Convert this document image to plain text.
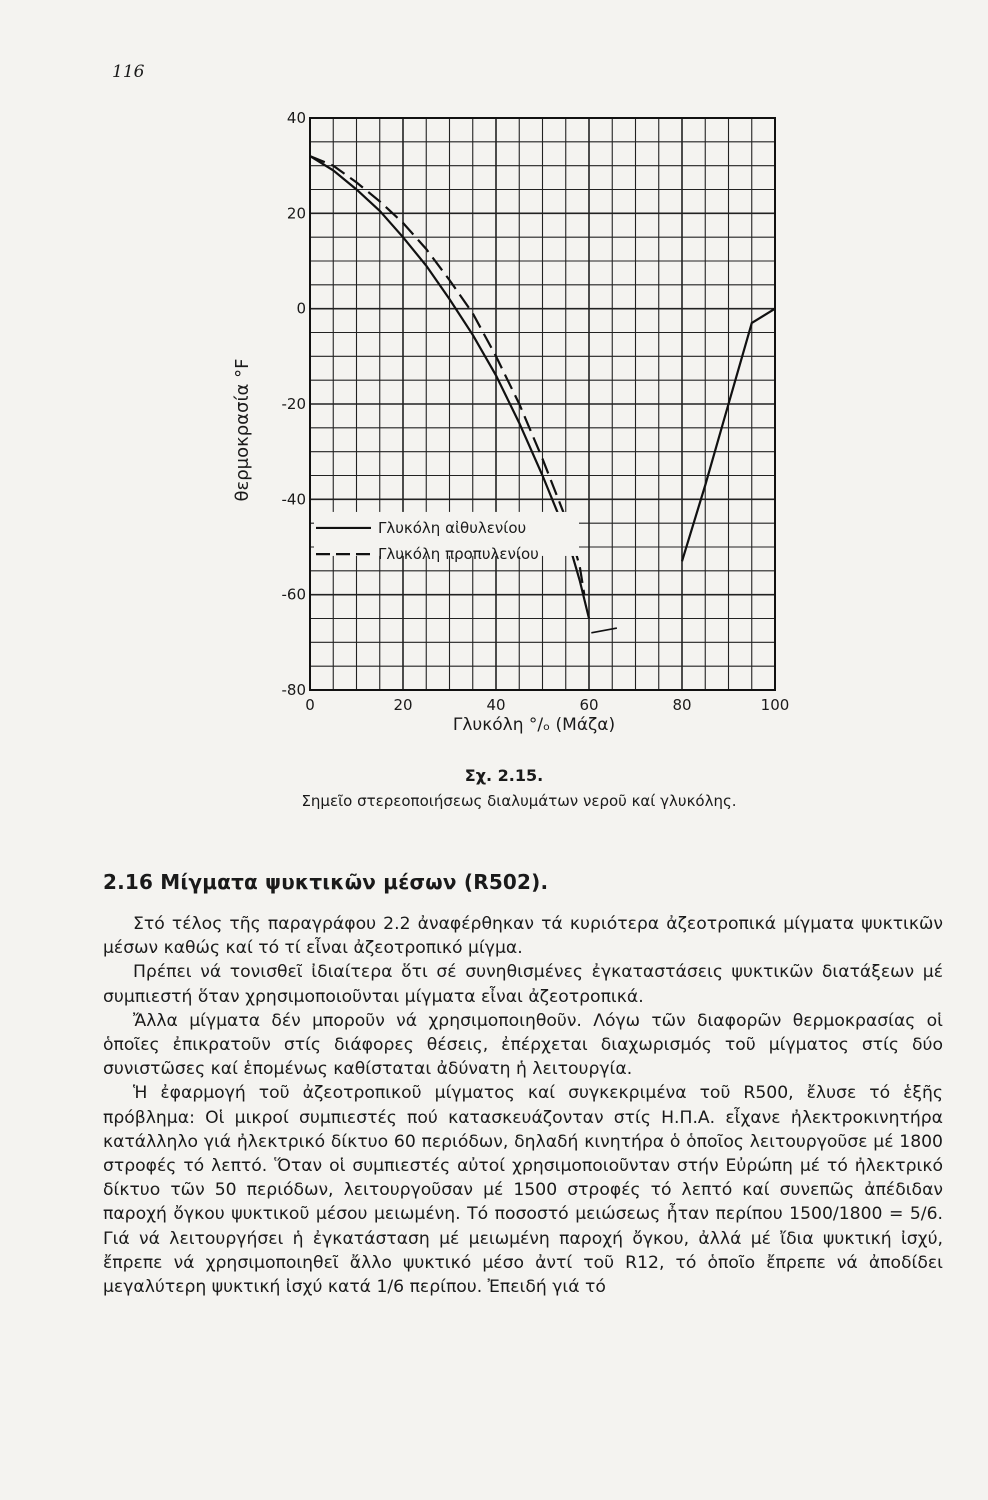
116
0	20	40	60	80	100
40
20
0
-20
-40
-60
-80
Γλυκόλη αἰθυλενίου
Γλυκόλη προπυλενίου
θερμοκρασία °F
Γλυκόλη °/ₒ (Μάζα)
Σχ. 2.15.
Σημεῖο στερεοποιήσεως διαλυμάτων νεροῦ καί γλυκόλης.
2.16 Μίγματα ψυκτικῶν μέσων (R502).

Στό τέλος τῆς παραγράφου 2.2 ἀναφέρθηκαν τά κυριότερα ἀζεοτροπικά μίγματα ψυκτικῶν μέσων καθώς καί τό τί εἶναι ἀζεοτροπικό μίγμα.

Πρέπει νά τονισθεῖ ἰδιαίτερα ὅτι σέ συνηθισμένες ἐγκαταστάσεις ψυκτικῶν διατάξεων μέ συμπιεστή ὅταν χρησιμοποιοῦνται μίγματα εἶναι ἀζεοτροπικά.

Ἄλλα μίγματα δέν μποροῦν νά χρησιμοποιηθοῦν. Λόγω τῶν διαφορῶν θερμοκρασίας οἱ ὁποῖες ἐπικρατοῦν στίς διάφορες θέσεις, ἐπέρχεται διαχωρισμός τοῦ μίγματος στίς δύο συνιστῶσες καί ἑπομένως καθίσταται ἀδύνατη ἡ λειτουργία.

Ἡ ἐφαρμογή τοῦ ἀζεοτροπικοῦ μίγματος καί συγκεκριμένα τοῦ R500, ἔλυσε τό ἑξῆς πρόβλημα: Οἱ μικροί συμπιεστές πού κατασκευάζονταν στίς Η.Π.Α. εἶχανε ἠλεκτροκινητήρα κατάλληλο γιά ἠλεκτρικό δίκτυο 60 περιόδων, δηλαδή κινητήρα ὁ ὁποῖος λειτουργοῦσε μέ 1800 στροφές τό λεπτό. Ὅταν οἱ συμπιεστές αὐτοί χρησιμοποιοῦνταν στήν Εὐρώπη μέ τό ἠλεκτρικό δίκτυο τῶν 50 περιόδων, λειτουργοῦσαν μέ 1500 στροφές τό λεπτό καί συνεπῶς ἀπέδιδαν παροχή ὄγκου ψυκτικοῦ μέσου μειωμένη. Τό ποσοστό μειώσεως ἦταν περίπου 1500/1800 = 5/6. Γιά νά λειτουργήσει ἡ ἐγκατάσταση μέ μειωμένη παροχή ὄγκου, ἀλλά μέ ἴδια ψυκτική ἰσχύ, ἔπρεπε νά χρησιμοποιηθεῖ ἄλλο ψυκτικό μέσο ἀντί τοῦ R12, τό ὁποῖο ἔπρεπε νά ἀποδίδει μεγαλύτερη ψυκτική ἰσχύ κατά 1/6 περίπου. Ἐπειδή γιά τό
